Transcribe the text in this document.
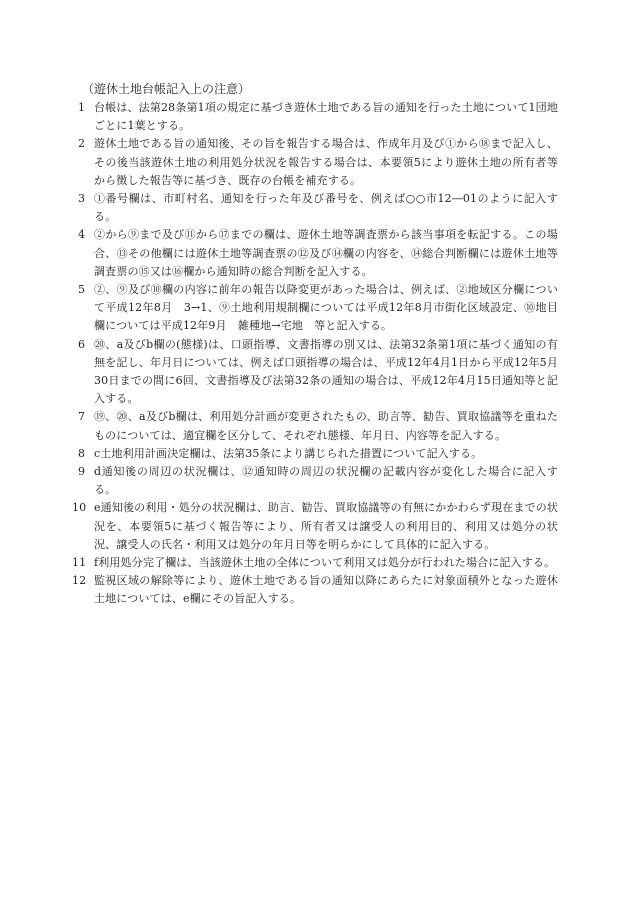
（遊休土地台帳記入上の注意）
1 台帳は、法第28条第1項の規定に基づき遊休土地である旨の通知を行った土地について1団地ごとに1葉とする。
2 遊休土地である旨の通知後、その旨を報告する場合は、作成年月及び①から⑱まで記入し、その後当該遊休土地の利用処分状況を報告する場合は、本要領5により遊休土地の所有者等から徴した報告等に基づき、既存の台帳を補充する。
3 ①番号欄は、市町村名、通知を行った年及び番号を、例えば○○市12―01のように記入する。
4 ②から⑨まで及び⑪から⑰までの欄は、遊休土地等調査票から該当事項を転記する。この場合、⑬その他欄には遊休土地等調査票の⑫及び⑭欄の内容を、⑭総合判断欄には遊休土地等調査票の⑮又は⑯欄から通知時の総合判断を記入する。
5 ②、⑨及び⑩欄の内容に前年の報告以降変更があった場合は、例えば、②地域区分欄について平成12年8月　3→1、⑨土地利用規制欄については平成12年8月市街化区域設定、⑩地目欄については平成12年9月　雑種地→宅地　等と記入する。
6 ⑳、a及びb欄の(態様)は、口頭指導、文書指導の別又は、法第32条第1項に基づく通知の有無を記し、年月日については、例えば口頭指導の場合は、平成12年4月1日から平成12年5月30日までの間に6回、文書指導及び法第32条の通知の場合は、平成12年4月15日通知等と記入する。
7 ⑲、⑳、a及びb欄は、利用処分計画が変更されたもの、助言等、勧告、買取協議等を重ねたものについては、適宜欄を区分して、それぞれ態様、年月日、内容等を記入する。
8 c土地利用計画決定欄は、法第35条により講じられた措置について記入する。
9 d通知後の周辺の状況欄は、⑫通知時の周辺の状況欄の記載内容が変化した場合に記入する。
10 e通知後の利用・処分の状況欄は、助言、勧告、買取協議等の有無にかかわらず現在までの状況を、本要領5に基づく報告等により、所有者又は譲受人の利用目的、利用又は処分の状況、譲受人の氏名・利用又は処分の年月日等を明らかにして具体的に記入する。
11 f利用処分完了欄は、当該遊休土地の全体について利用又は処分が行われた場合に記入する。
12 監視区域の解除等により、遊休土地である旨の通知以降にあらたに対象面積外となった遊休土地については、e欄にその旨記入する。
